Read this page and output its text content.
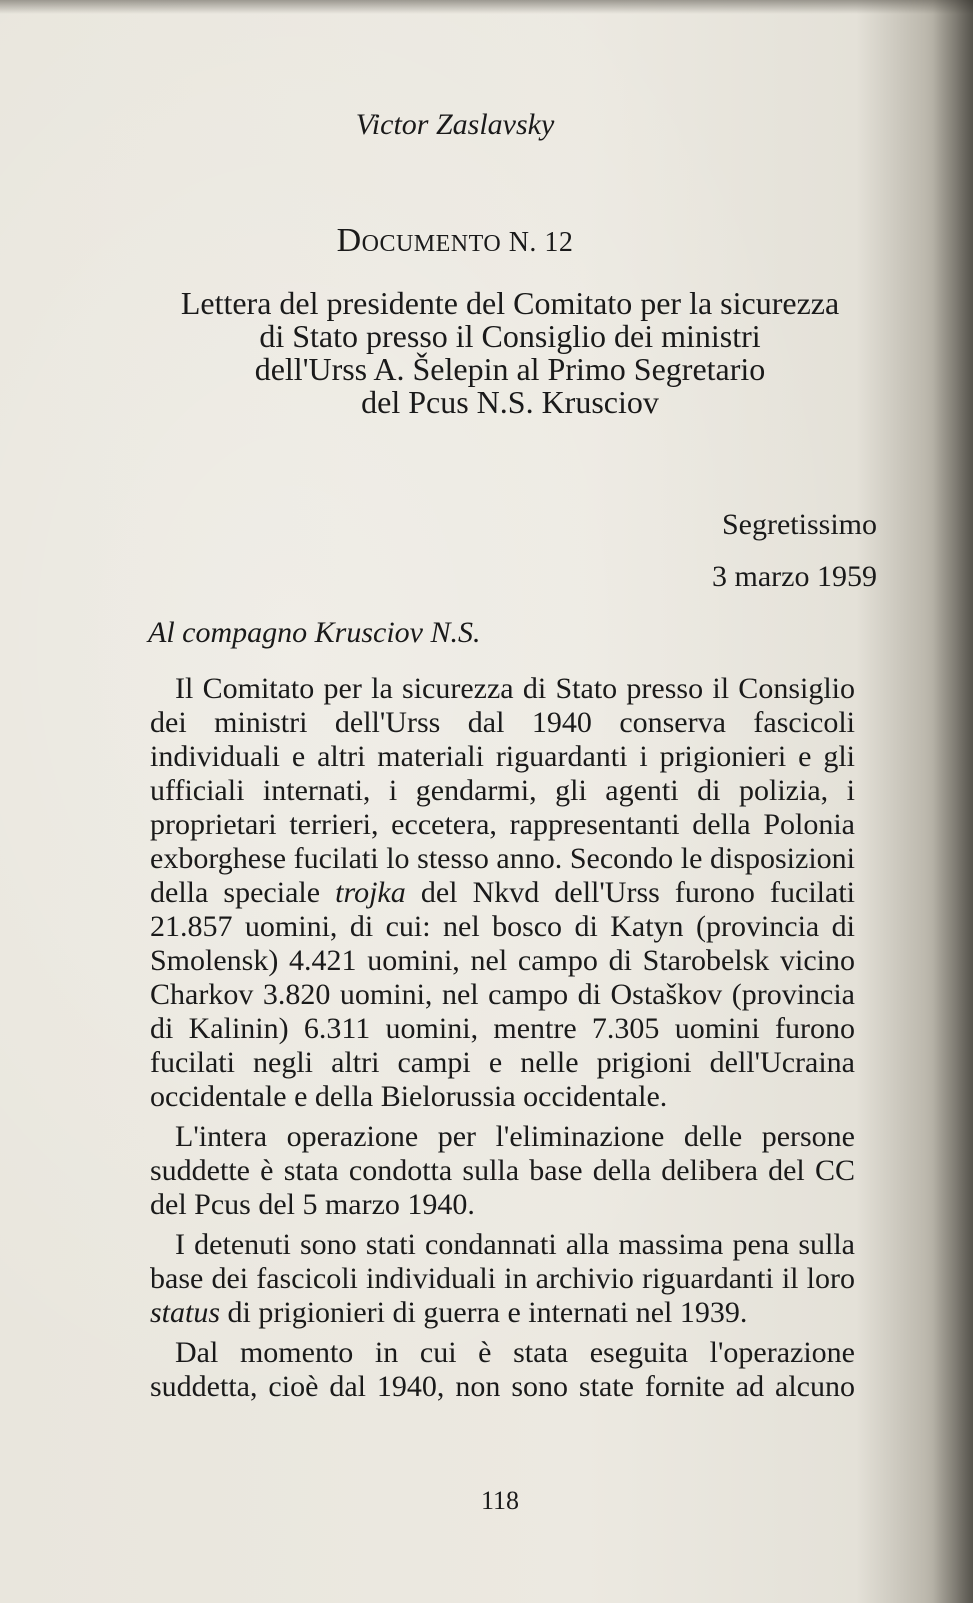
Victor Zaslavsky
Documento N. 12
Lettera del presidente del Comitato per la sicurezza
di Stato presso il Consiglio dei ministri
dell'Urss A. Šelepin al Primo Segretario
del Pcus N.S. Krusciov
Segretissimo
3 marzo 1959
Al compagno Krusciov N.S.

Il Comitato per la sicurezza di Stato presso il Consiglio dei ministri dell'Urss dal 1940 conserva fascicoli individuali e altri materiali riguardanti i prigionieri e gli ufficiali internati, i gendarmi, gli agenti di polizia, i proprietari terrieri, eccetera, rappresentanti della Polonia exborghese fucilati lo stesso anno. Secondo le disposizioni della speciale trojka del Nkvd dell'Urss furono fucilati 21.857 uomini, di cui: nel bosco di Katyn (provincia di Smolensk) 4.421 uomini, nel campo di Starobelsk vicino Charkov 3.820 uomini, nel campo di Ostaškov (provincia di Kalinin) 6.311 uomini, mentre 7.305 uomini furono fucilati negli altri campi e nelle prigioni dell'Ucraina occidentale e della Bielorussia occidentale.

L'intera operazione per l'eliminazione delle persone suddette è stata condotta sulla base della delibera del CC del Pcus del 5 marzo 1940.

I detenuti sono stati condannati alla massima pena sulla base dei fascicoli individuali in archivio riguardanti il loro status di prigionieri di guerra e internati nel 1939.

Dal momento in cui è stata eseguita l'operazione suddetta, cioè dal 1940, non sono state fornite ad alcuno

118
